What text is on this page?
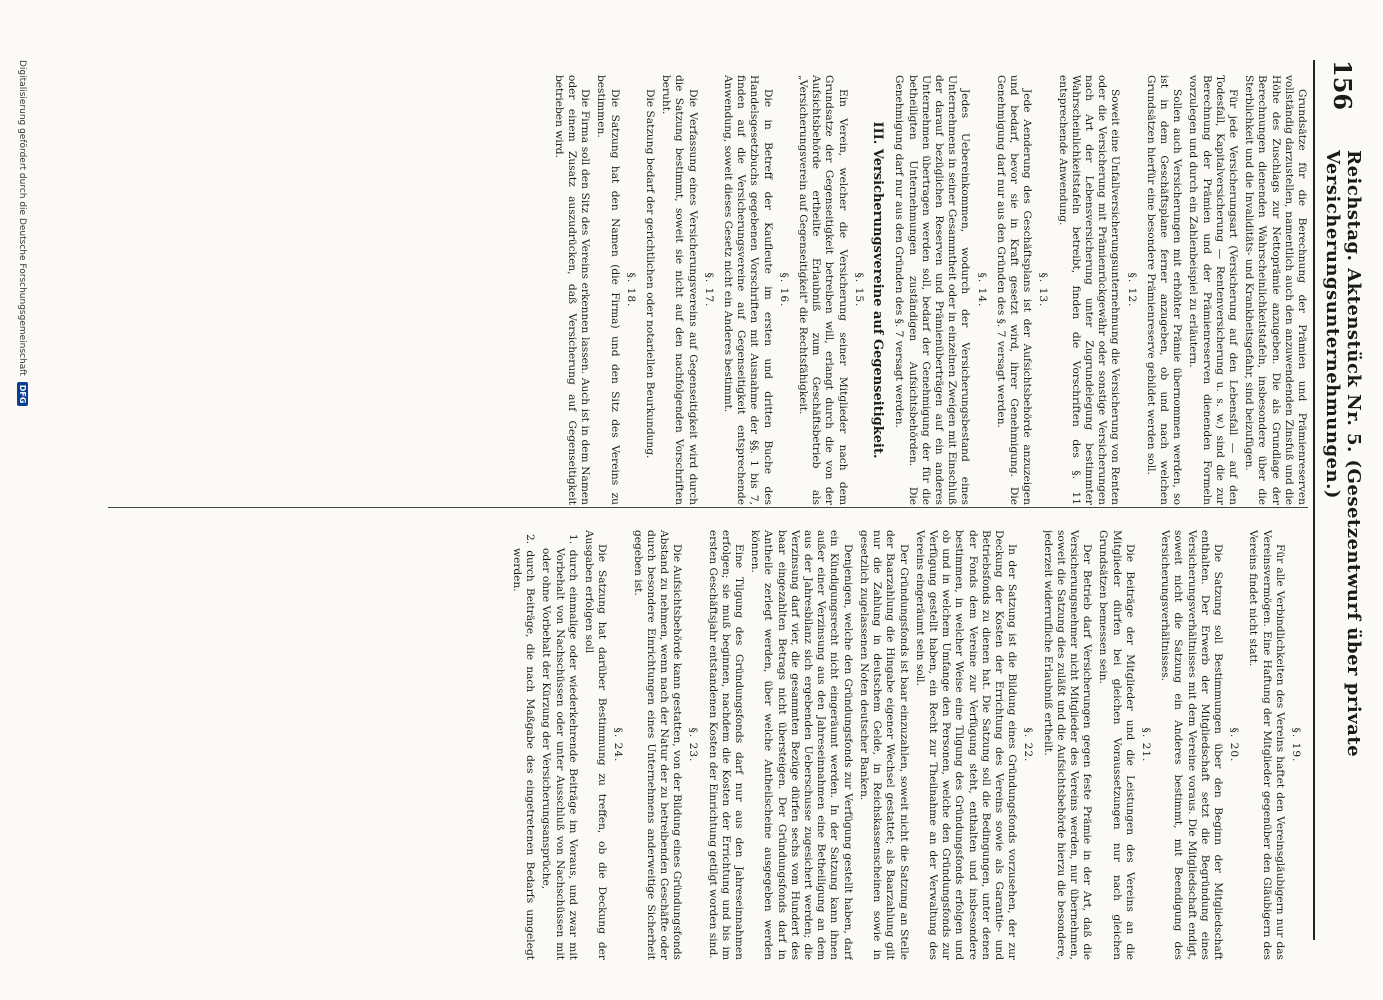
156
Reichstag. Aktenstück Nr. 5. (Gesetzentwurf über private Versicherungsunternehmungen.)

Grundsätze für die Berechnung der Prämien und Prämienreserven vollständig darzustellen, namentlich auch den anzuwendenden Zinsfuß und die Höhe des Zuschlags zur Nettoprämie anzugeben. Die als Grundlage der Berechnungen dienenden Wahrscheinlichkeitstafeln, insbesondere über die Sterblichkeit und die Invaliditäts- und Krankheitsgefahr, sind beizufügen.

Für jede Versicherungsart (Versicherung auf den Lebensfall — auf den Todesfall, Kapitalversicherung — Rentenversicherung u. s. w.) sind die zur Berechnung der Prämien und der Prämienreserven dienenden Formeln vorzulegen und durch ein Zahlenbeispiel zu erläutern.

Sollen auch Versicherungen mit erhöhter Prämie übernommen werden, so ist in dem Geschäftsplane ferner anzugeben, ob und nach welchen Grundsätzen hierfür eine besondere Prämienreserve gebildet werden soll.

§. 12.

Soweit eine Unfallversicherungsunternehmung die Versicherung von Renten oder die Versicherung mit Prämienrückgewähr oder sonstige Versicherungen nach Art der Lebensversicherung unter Zugrundelegung bestimmter Wahrscheinlichkeitstafeln betreibt, finden die Vorschriften des §. 11 entsprechende Anwendung.

§. 13.

Jede Aenderung des Geschäftsplans ist der Aufsichtsbehörde anzuzeigen und bedarf, bevor sie in Kraft gesetzt wird, ihrer Genehmigung. Die Genehmigung darf nur aus den Gründen des §. 7 versagt werden.

§. 14.

Jedes Uebereinkommen, wodurch der Versicherungsbestand eines Unternehmens in seiner Gesammtheit oder in einzelnen Zweigen mit Einschluß der darauf bezüglichen Reserven und Prämienüberträgen auf ein anderes Unternehmen übertragen werden soll, bedarf der Genehmigung der für die betheiligten Unternehmungen zuständigen Aufsichtsbehörden. Die Genehmigung darf nur aus den Gründen des §. 7 versagt werden.

III. Versicherungsvereine auf Gegenseitigkeit.

§. 15.

Ein Verein, welcher die Versicherung seiner Mitglieder nach dem Grundsatze der Gegenseitigkeit betreiben will, erlangt durch die von der Aufsichtsbehörde ertheilte Erlaubniß zum Geschäftsbetrieb als „Versicherungsverein auf Gegenseitigkeit" die Rechtsfähigkeit.

§. 16.

Die in Betreff der Kaufleute im ersten und dritten Buche des Handelsgesetzbuchs gegebenen Vorschriften mit Ausnahme der §§. 1 bis 7, finden auf die Versicherungsvereine auf Gegenseitigkeit entsprechende Anwendung, soweit dieses Gesetz nicht ein Anderes bestimmt.

§. 17.

Die Verfassung eines Versicherungsvereins auf Gegenseitigkeit wird durch die Satzung bestimmt, soweit sie nicht auf den nachfolgenden Vorschriften beruht.

Die Satzung bedarf der gerichtlichen oder notariellen Beurkundung.

§. 18.

Die Satzung hat den Namen (die Firma) und den Sitz des Vereins zu bestimmen.

Die Firma soll den Sitz des Vereins erkennen lassen. Auch ist in dem Namen oder einem Zusatz auszudrücken, daß Versicherung auf Gegenseitigkeit betrieben wird.

§. 19.

Für alle Verbindlichkeiten des Vereins haftet den Vereinsgläubigern nur das Vereinsvermögen. Eine Haftung der Mitglieder gegenüber den Gläubigern des Vereins findet nicht statt.

§. 20.

Die Satzung soll Bestimmungen über den Beginn der Mitgliedschaft enthalten. Der Erwerb der Mitgliedschaft setzt die Begründung eines Versicherungsverhältnisses mit dem Vereine voraus. Die Mitgliedschaft endigt, soweit nicht die Satzung ein Anderes bestimmt, mit Beendigung des Versicherungsverhältnisses.

§. 21.

Die Beiträge der Mitglieder und die Leistungen des Vereins an die Mitglieder dürfen bei gleichen Voraussetzungen nur nach gleichen Grundsätzen bemessen sein.

Der Betrieb darf Versicherungen gegen feste Prämie in der Art, daß die Versicherungsnehmer nicht Mitglieder des Vereins werden, nur übernehmen, soweit die Satzung dies zuläßt und die Aufsichtsbehörde hierzu die besondere, jederzeit widerrufliche Erlaubniß ertheilt.

§. 22.

In der Satzung ist die Bildung eines Gründungsfonds vorzusehen, der zur Deckung der Kosten der Errichtung des Vereins sowie als Garantie- und Betriebsfonds zu dienen hat. Die Satzung soll die Bedingungen, unter denen der Fonds dem Vereine zur Verfügung steht, enthalten und insbesondere bestimmen, in welcher Weise eine Tilgung des Gründungsfonds erfolgen und ob und in welchem Umfange den Personen, welche den Gründungsfonds zur Verfügung gestellt haben, ein Recht zur Theilnahme an der Verwaltung des Vereins eingeräumt sein soll.

Der Gründungsfonds ist baar einzuzahlen, soweit nicht die Satzung an Stelle der Baarzahlung die Hingabe eigener Wechsel gestattet; als Baarzahlung gilt nur die Zahlung in deutschem Gelde, in Reichskassenscheinen sowie in gesetzlich zugelassenen Noten deutscher Banken.

Denjenigen, welche den Gründungsfonds zur Verfügung gestellt haben, darf ein Kündigungsrecht nicht eingeräumt werden. In der Satzung kann ihnen außer einer Verzinsung aus den Jahreseinnahmen eine Betheiligung an dem aus der Jahresbilanz sich ergebenden Ueberschusse zugesichert werden; die Verzinsung darf vier, die gesammten Bezüge dürfen sechs vom Hundert des baar eingezahlten Betrags nicht übersteigen. Der Gründungsfonds darf in Antheile zerlegt werden, über welche Antheilscheine ausgegeben werden können.

Eine Tilgung des Gründungsfonds darf nur aus den Jahreseinnahmen erfolgen; sie muß beginnen, nachdem die Kosten der Errichtung und bis im ersten Geschäftsjahr entstandenen Kosten der Einrichtung getilgt worden sind.

§. 23.

Die Aufsichtsbehörde kann gestatten, von der Bildung eines Gründungsfonds Abstand zu nehmen, wenn nach der Natur der zu betreibenden Geschäfte oder durch besondere Einrichtungen eines Unternehmens anderweitige Sicherheit gegeben ist.

§. 24.

Die Satzung hat darüber Bestimmung zu treffen, ob die Deckung der Ausgaben erfolgen soll

1. durch einmalige oder wiederkehrende Beiträge im Voraus, und zwar mit Vorbehalt von Nachschüssen oder unter Ausschluß von Nachschüssen mit oder ohne Vorbehalt der Kürzung der Versicherungsansprüche,

2. durch Beiträge, die nach Maßgabe des eingetretenen Bedarfs umgelegt werden.

Digitalisierung gefördert durch die Deutsche Forschungsgemeinschaft
DFG
